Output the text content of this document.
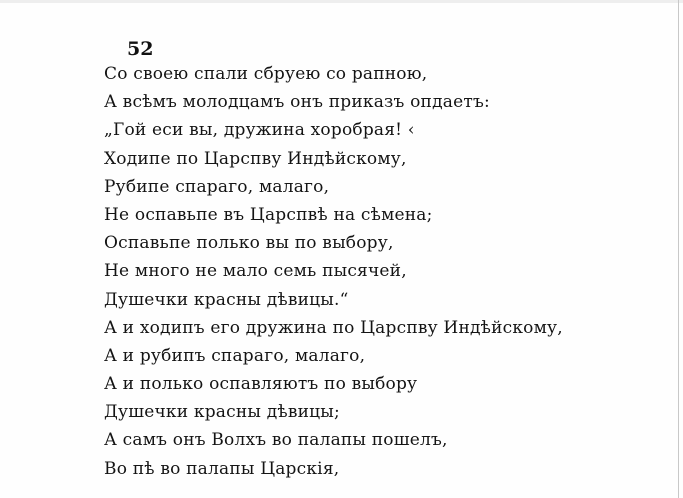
52

Со своею спали сбруею со рапною,
А всѣмъ молодцамъ онъ приказъ опдаетъ:
„Гой еси вы, дружина хоробрая! ‹
Ходипе по Царспву Индѣйскому,
Рубипе спараго, малаго,
Не оспавьпе въ Царспвѣ на сѣмена;
Оспавьпе полько вы по выбору,
Не много не мало семь пысячей,
Душечки красны дѣвицы.“
А и ходипъ его дружина по Царспву Индѣйскому,
А и рубипъ спараго, малаго,
А и полько оспавляютъ по выбору
Душечки красны дѣвицы;
А самъ онъ Волхъ во палапы пошелъ,
Во пѣ во палапы Царскія,
